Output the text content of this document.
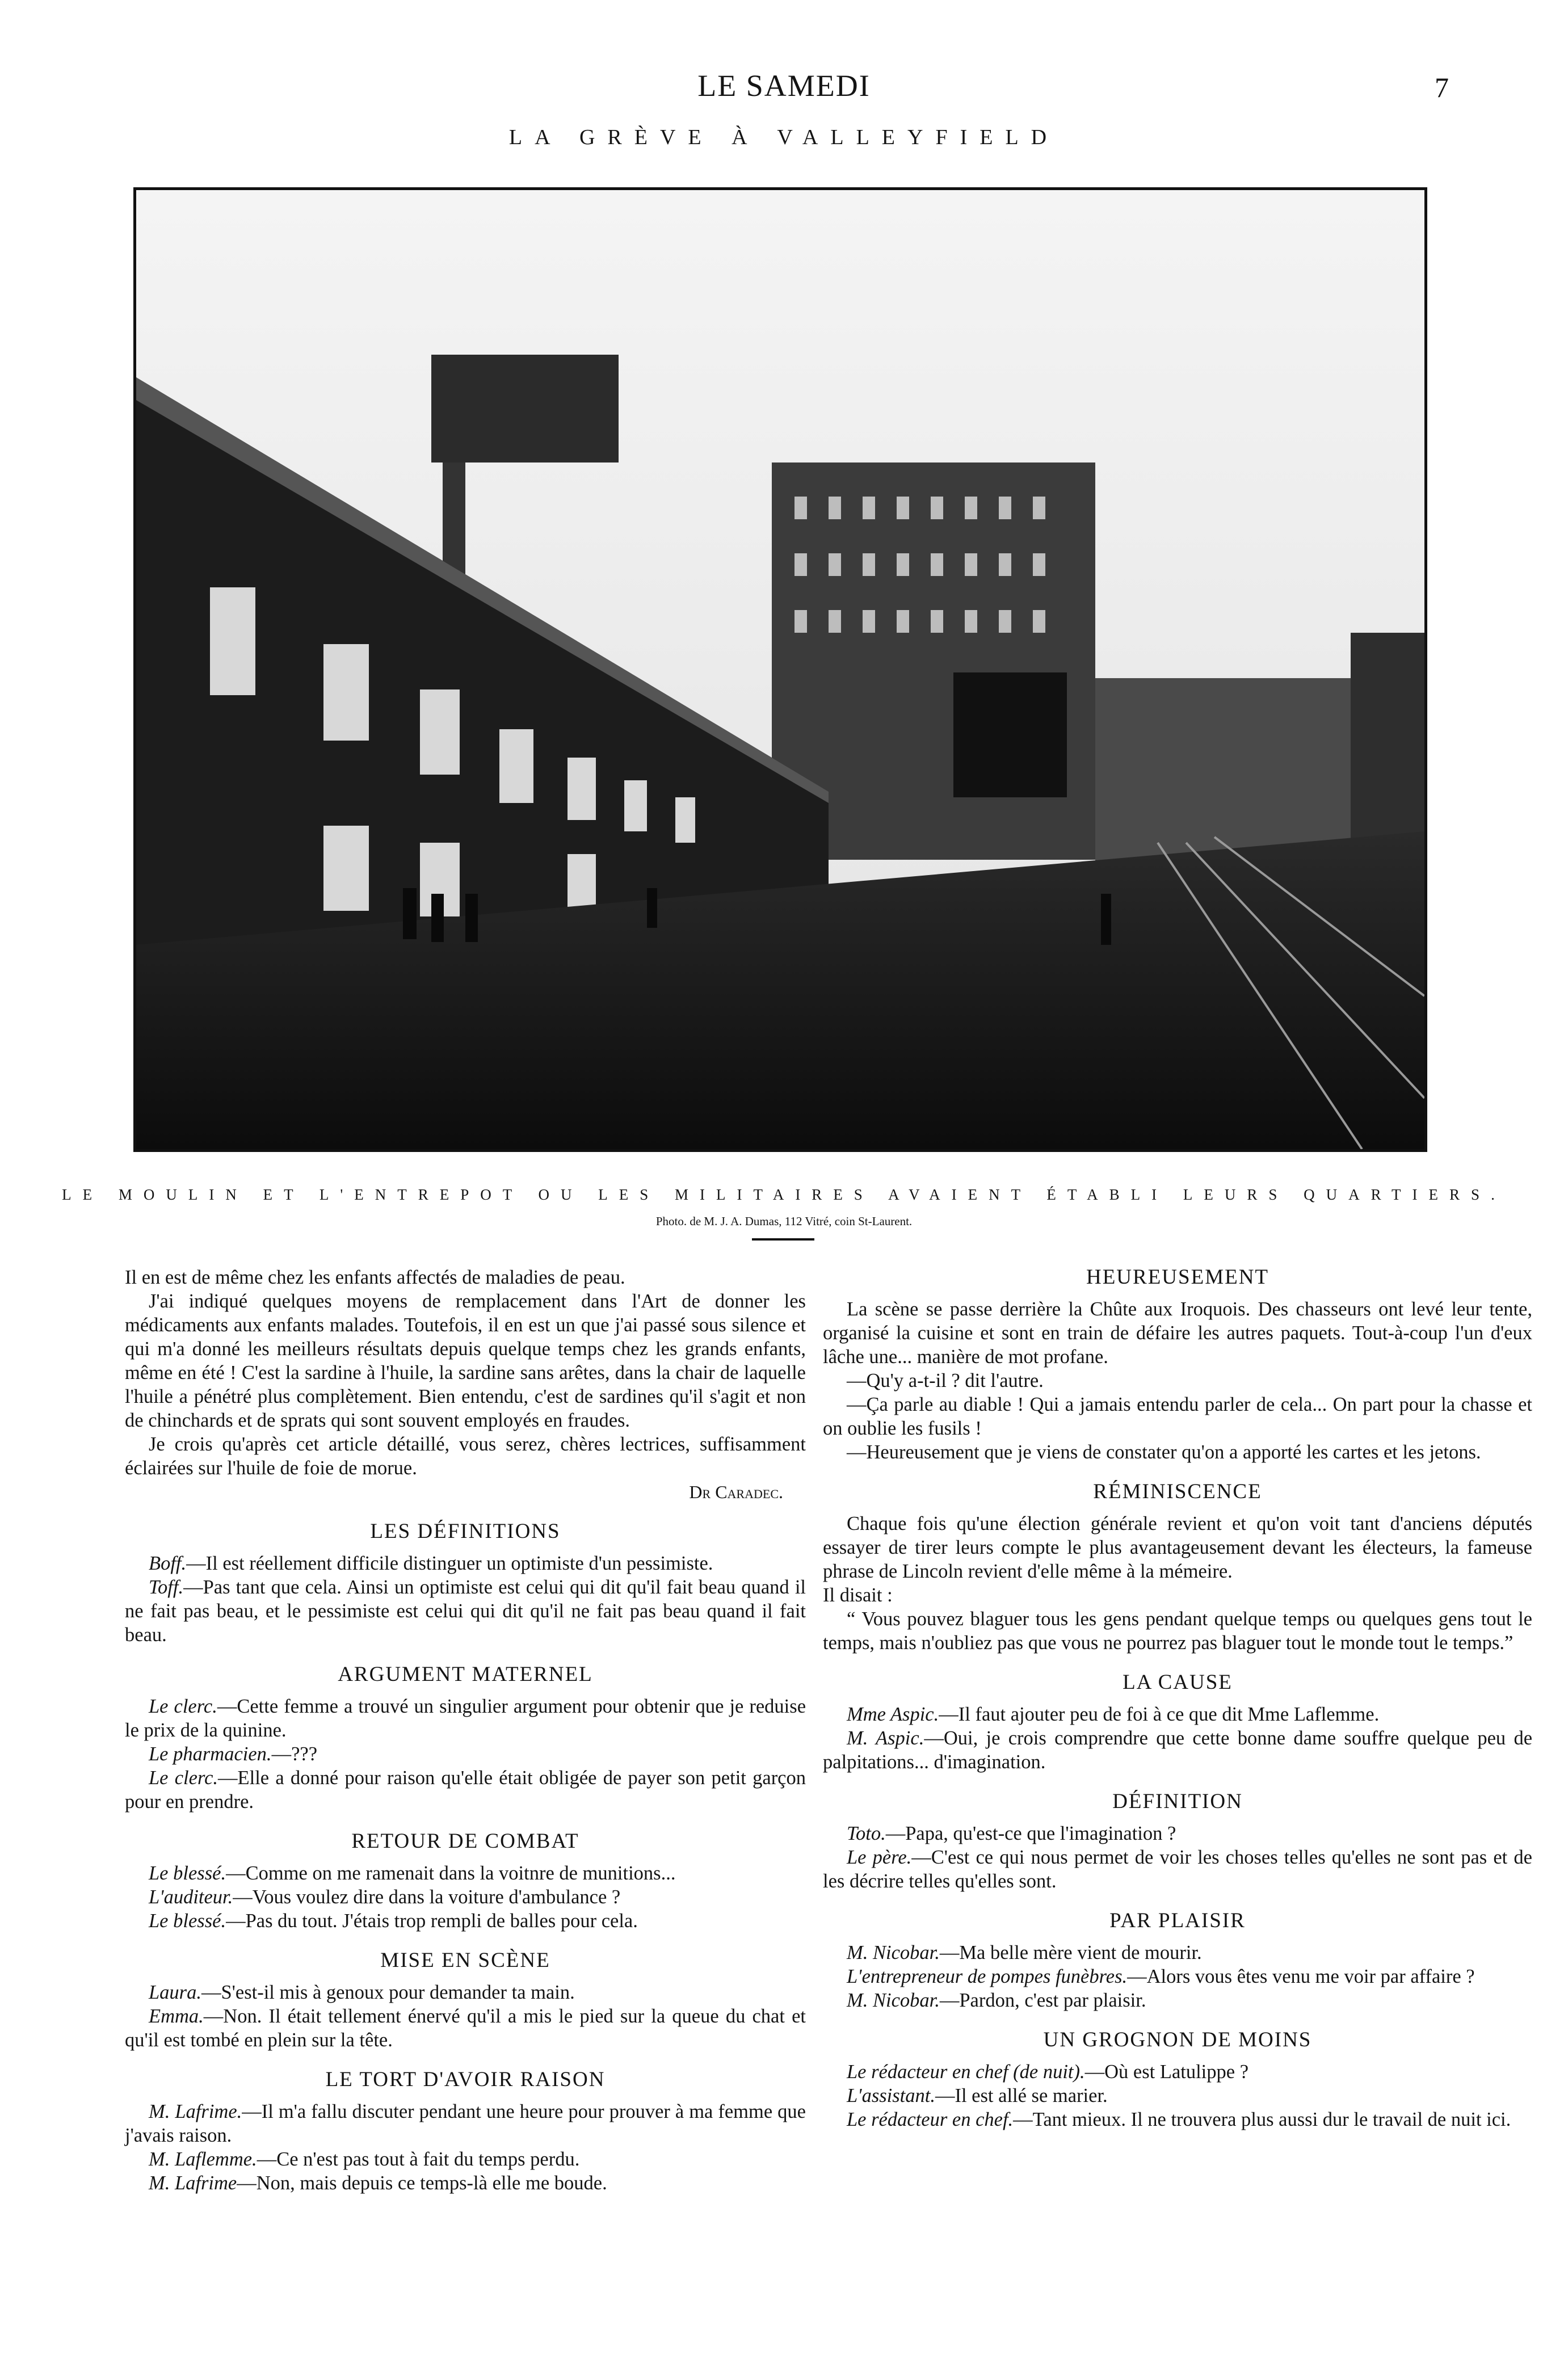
LE SAMEDI	7
LA GRÈVE À VALLEYFIELD
LE MOULIN ET L'ENTREPOT OU LES MILITAIRES AVAIENT ÉTABLI LEURS QUARTIERS.
Photo. de M. J. A. Dumas, 112 Vitré, coin St-Laurent.

Il en est de même chez les enfants affectés de maladies de peau.

J'ai indiqué quelques moyens de remplacement dans l'Art de donner les médicaments aux enfants malades. Toutefois, il en est un que j'ai passé sous silence et qui m'a donné les meilleurs résultats depuis quelque temps chez les grands enfants, même en été ! C'est la sardine à l'huile, la sardine sans arêtes, dans la chair de laquelle l'huile a pénétré plus complètement. Bien entendu, c'est de sardines qu'il s'agit et non de chinchards et de sprats qui sont souvent employés en fraudes.

Je crois qu'après cet article détaillé, vous serez, chères lectrices, suffisamment éclairées sur l'huile de foie de morue.

Dr Caradec.
LES DÉFINITIONS

Boff.—Il est réellement difficile distinguer un optimiste d'un pessimiste.

Toff.—Pas tant que cela. Ainsi un optimiste est celui qui dit qu'il fait beau quand il ne fait pas beau, et le pessimiste est celui qui dit qu'il ne fait pas beau quand il fait beau.

ARGUMENT MATERNEL

Le clerc.—Cette femme a trouvé un singulier argument pour obtenir que je reduise le prix de la quinine.

Le pharmacien.—???

Le clerc.—Elle a donné pour raison qu'elle était obligée de payer son petit garçon pour en prendre.

RETOUR DE COMBAT

Le blessé.—Comme on me ramenait dans la voitnre de munitions...

L'auditeur.—Vous voulez dire dans la voiture d'ambulance ?

Le blessé.—Pas du tout. J'étais trop rempli de balles pour cela.

MISE EN SCÈNE

Laura.—S'est-il mis à genoux pour demander ta main.

Emma.—Non. Il était tellement énervé qu'il a mis le pied sur la queue du chat et qu'il est tombé en plein sur la tête.

LE TORT D'AVOIR RAISON

M. Lafrime.—Il m'a fallu discuter pendant une heure pour prouver à ma femme que j'avais raison.

M. Laflemme.—Ce n'est pas tout à fait du temps perdu.

M. Lafrime—Non, mais depuis ce temps-là elle me boude.

HEUREUSEMENT

La scène se passe derrière la Chûte aux Iroquois. Des chasseurs ont levé leur tente, organisé la cuisine et sont en train de défaire les autres paquets. Tout-à-coup l'un d'eux lâche une... manière de mot profane.

—Qu'y a-t-il ? dit l'autre.

—Ça parle au diable ! Qui a jamais entendu parler de cela... On part pour la chasse et on oublie les fusils !

—Heureusement que je viens de constater qu'on a apporté les cartes et les jetons.

RÉMINISCENCE

Chaque fois qu'une élection générale revient et qu'on voit tant d'anciens députés essayer de tirer leurs compte le plus avantageusement devant les électeurs, la fameuse phrase de Lincoln revient d'elle même à la mémeire.

Il disait :

“ Vous pouvez blaguer tous les gens pendant quelque temps ou quelques gens tout le temps, mais n'oubliez pas que vous ne pourrez pas blaguer tout le monde tout le temps.”

LA CAUSE

Mme Aspic.—Il faut ajouter peu de foi à ce que dit Mme Laflemme.

M. Aspic.—Oui, je crois comprendre que cette bonne dame souffre quelque peu de palpitations... d'imagination.

DÉFINITION

Toto.—Papa, qu'est-ce que l'imagination ?

Le père.—C'est ce qui nous permet de voir les choses telles qu'elles ne sont pas et de les décrire telles qu'elles sont.

PAR PLAISIR

M. Nicobar.—Ma belle mère vient de mourir.

L'entrepreneur de pompes funèbres.—Alors vous êtes venu me voir par affaire ?

M. Nicobar.—Pardon, c'est par plaisir.

UN GROGNON DE MOINS

Le rédacteur en chef (de nuit).—Où est Latulippe ?

L'assistant.—Il est allé se marier.

Le rédacteur en chef.—Tant mieux. Il ne trouvera plus aussi dur le travail de nuit ici.
